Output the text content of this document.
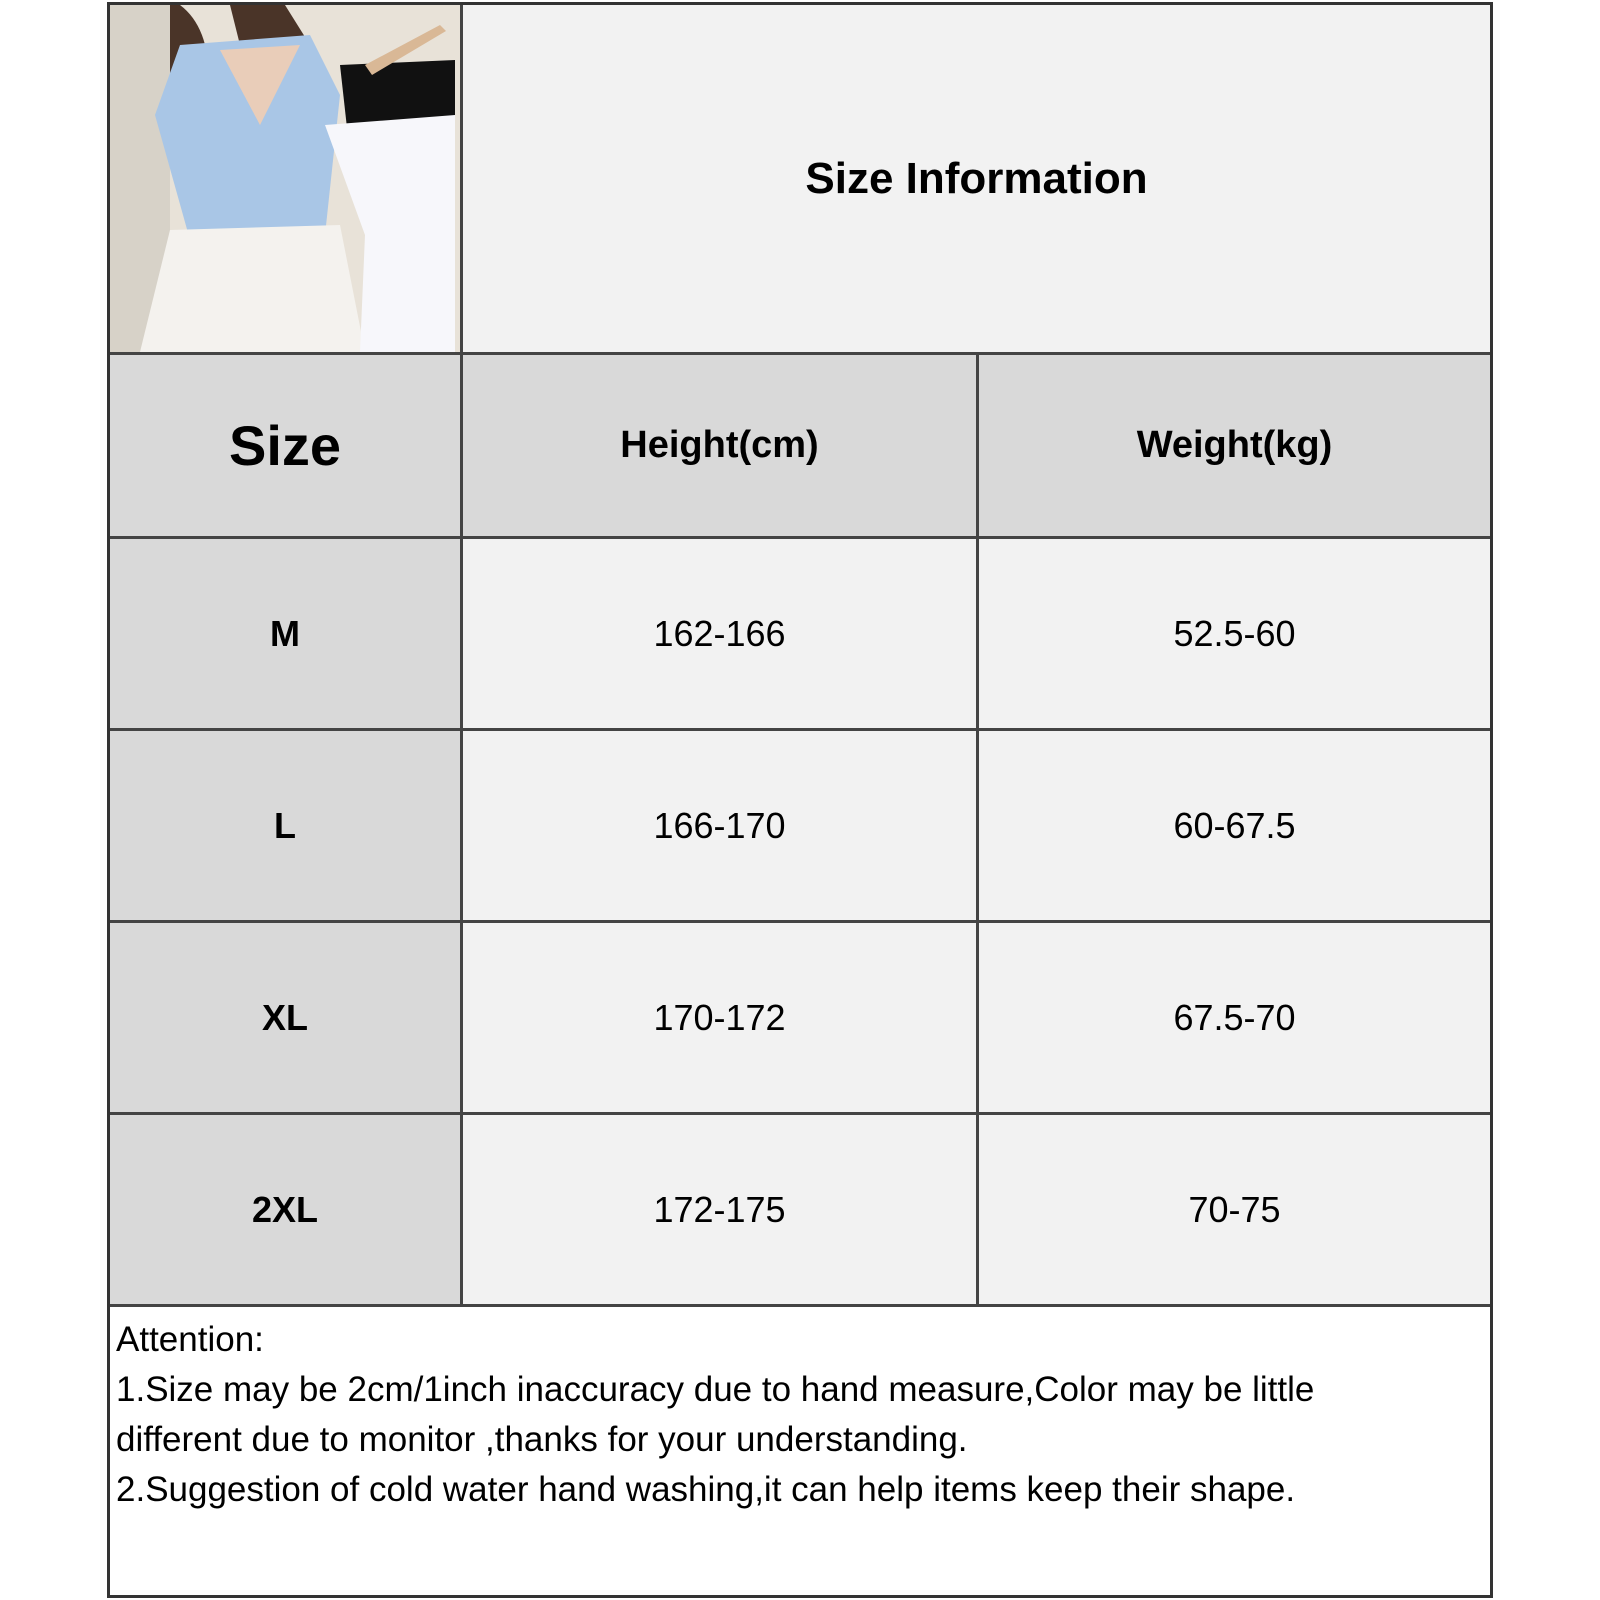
Size Information
Size	Height(cm)	Weight(kg)
M	162-166	52.5-60
L	166-170	60-67.5
XL	170-172	67.5-70
2XL	172-175	70-75
Attention:
1.Size may be 2cm/1inch inaccuracy due to hand measure,Color may be little
different due to monitor ,thanks for your understanding.
2.Suggestion of cold water hand washing,it can help items keep their shape.
